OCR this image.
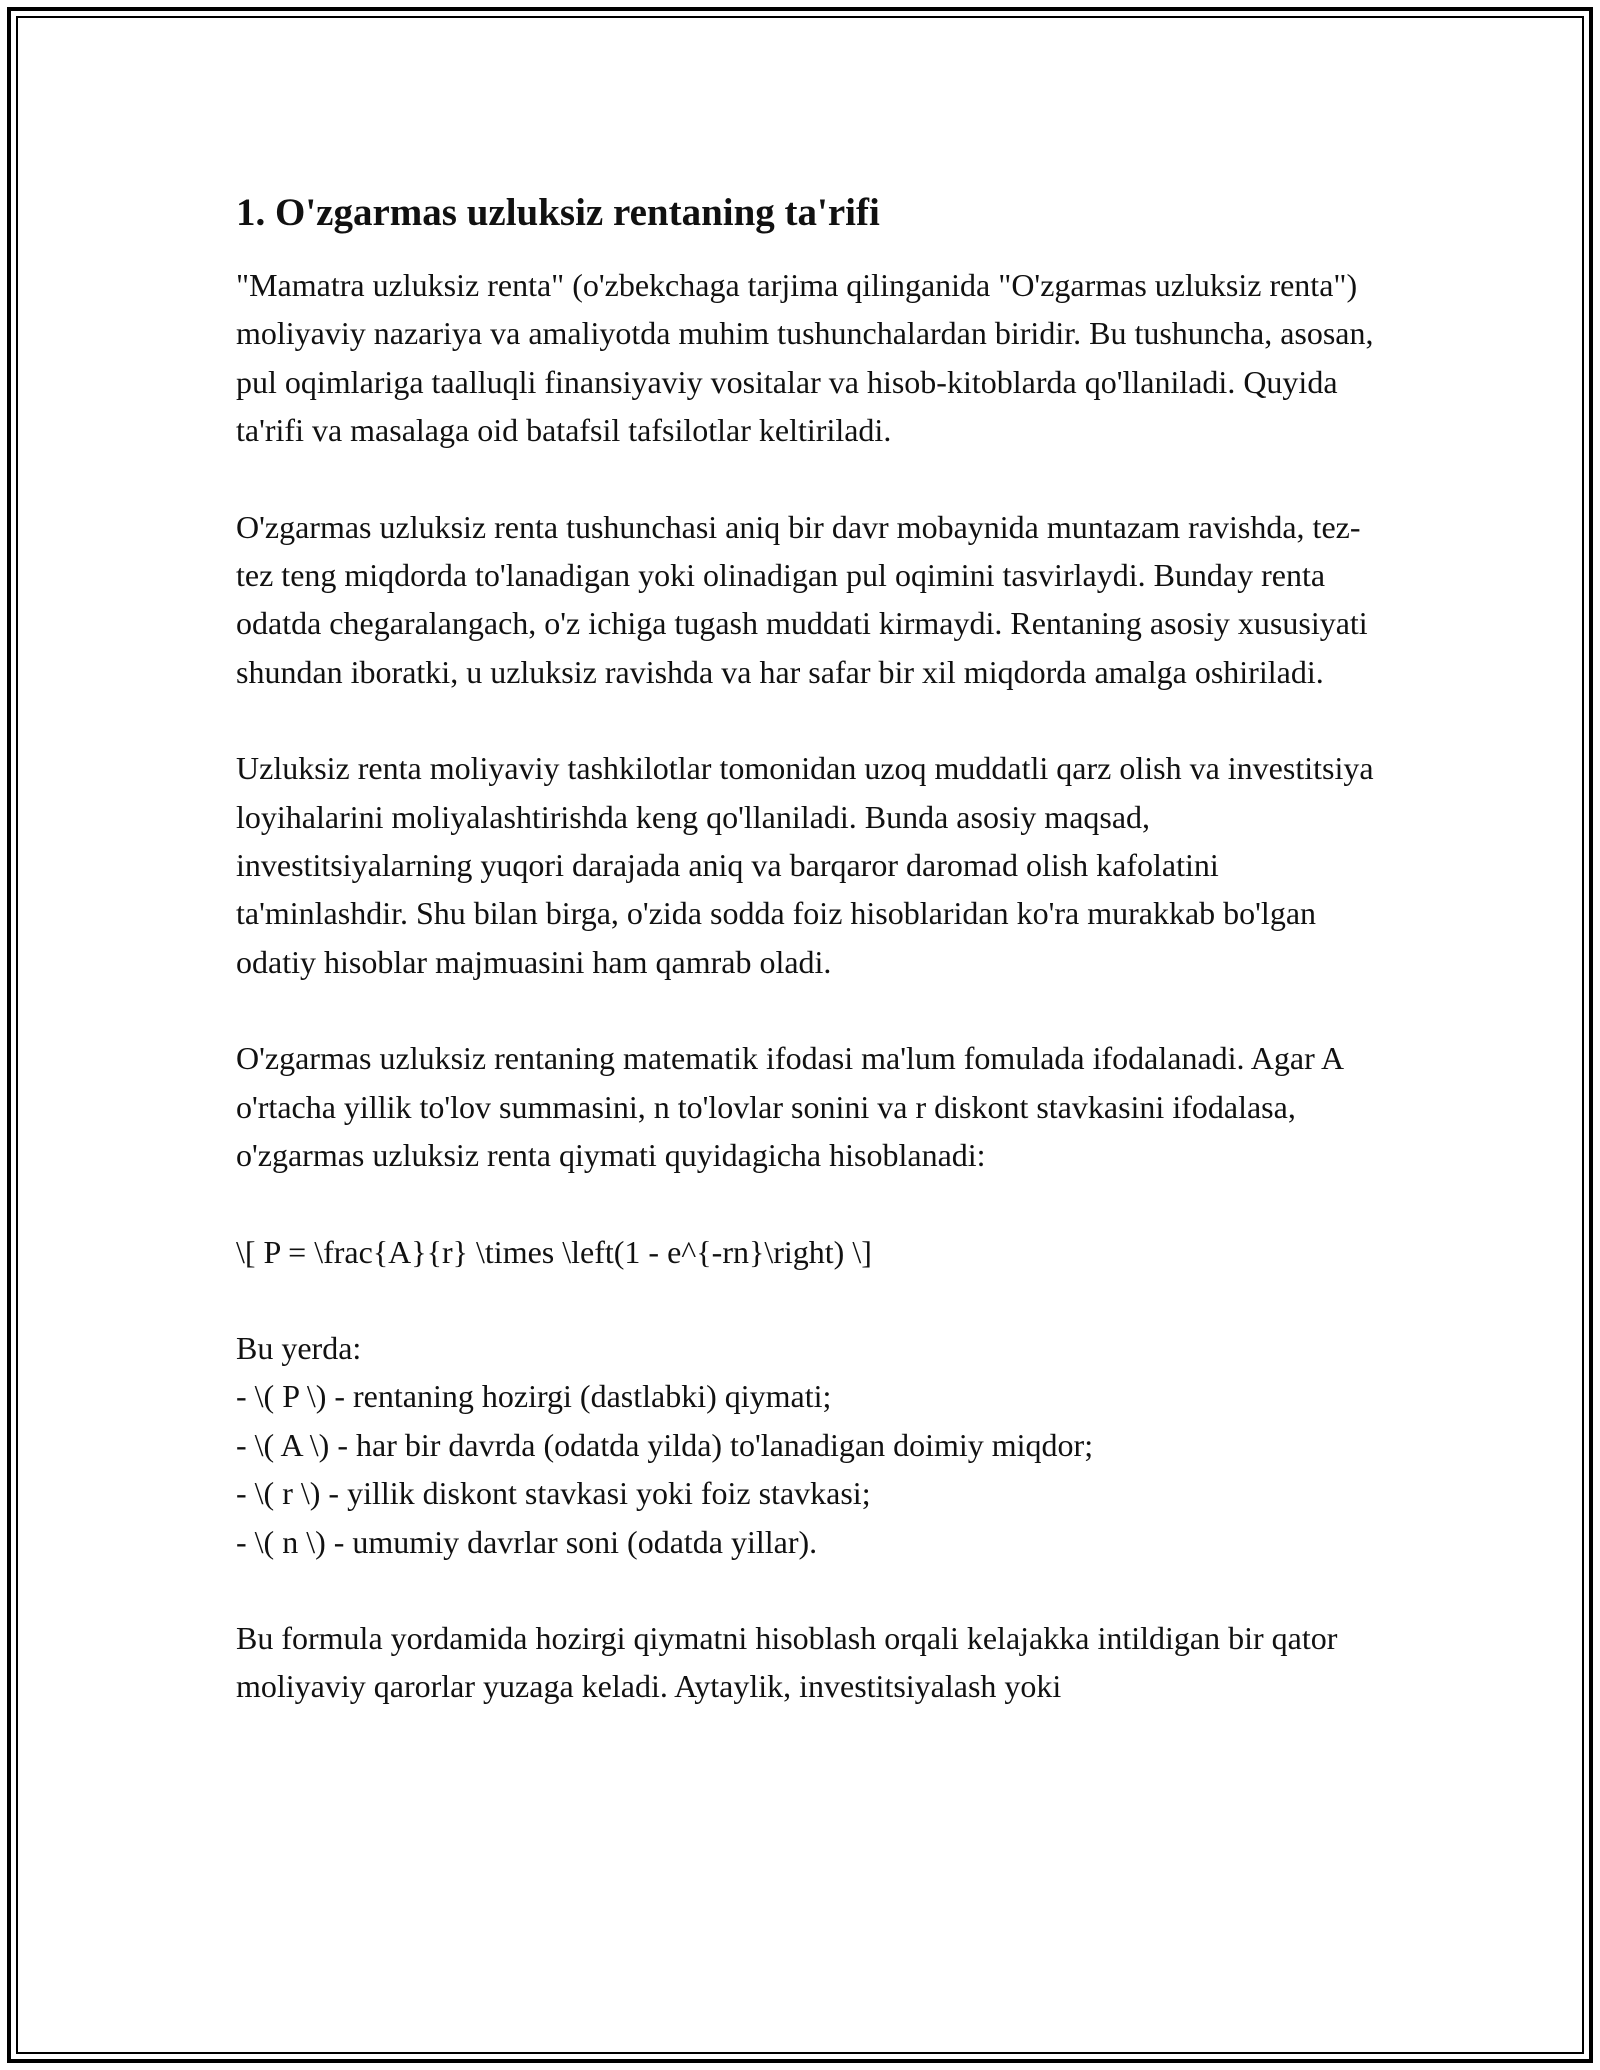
1. O'zgarmas uzluksiz rentaning ta'rifi

"Mamatra uzluksiz renta" (o'zbekchaga tarjima qilinganida "O'zgarmas uzluksiz renta") moliyaviy nazariya va amaliyotda muhim tushunchalardan biridir. Bu tushuncha, asosan, pul oqimlariga taalluqli finansiyaviy vositalar va hisob-kitoblarda qo'llaniladi. Quyida ta'rifi va masalaga oid batafsil tafsilotlar keltiriladi.

O'zgarmas uzluksiz renta tushunchasi aniq bir davr mobaynida muntazam ravishda, tez-tez teng miqdorda to'lanadigan yoki olinadigan pul oqimini tasvirlaydi. Bunday renta odatda chegaralangach, o'z ichiga tugash muddati kirmaydi. Rentaning asosiy xususiyati shundan iboratki, u uzluksiz ravishda va har safar bir xil miqdorda amalga oshiriladi.

Uzluksiz renta moliyaviy tashkilotlar tomonidan uzoq muddatli qarz olish va investitsiya loyihalarini moliyalashtirishda keng qo'llaniladi. Bunda asosiy maqsad, investitsiyalarning yuqori darajada aniq va barqaror daromad olish kafolatini ta'minlashdir. Shu bilan birga, o'zida sodda foiz hisoblaridan ko'ra murakkab bo'lgan odatiy hisoblar majmuasini ham qamrab oladi.

O'zgarmas uzluksiz rentaning matematik ifodasi ma'lum fomulada ifodalanadi. Agar A o'rtacha yillik to'lov summasini, n to'lovlar sonini va r diskont stavkasini ifodalasa, o'zgarmas uzluksiz renta qiymati quyidagicha hisoblanadi:

\[ P = \frac{A}{r} \times \left(1 - e^{-rn}\right) \]
Bu yerda:
- \( P \) - rentaning hozirgi (dastlabki) qiymati;
- \( A \) - har bir davrda (odatda yilda) to'lanadigan doimiy miqdor;
- \( r \) - yillik diskont stavkasi yoki foiz stavkasi;
- \( n \) - umumiy davrlar soni (odatda yillar).

Bu formula yordamida hozirgi qiymatni hisoblash orqali kelajakka intildigan bir qator moliyaviy qarorlar yuzaga keladi. Aytaylik, investitsiyalash yoki
